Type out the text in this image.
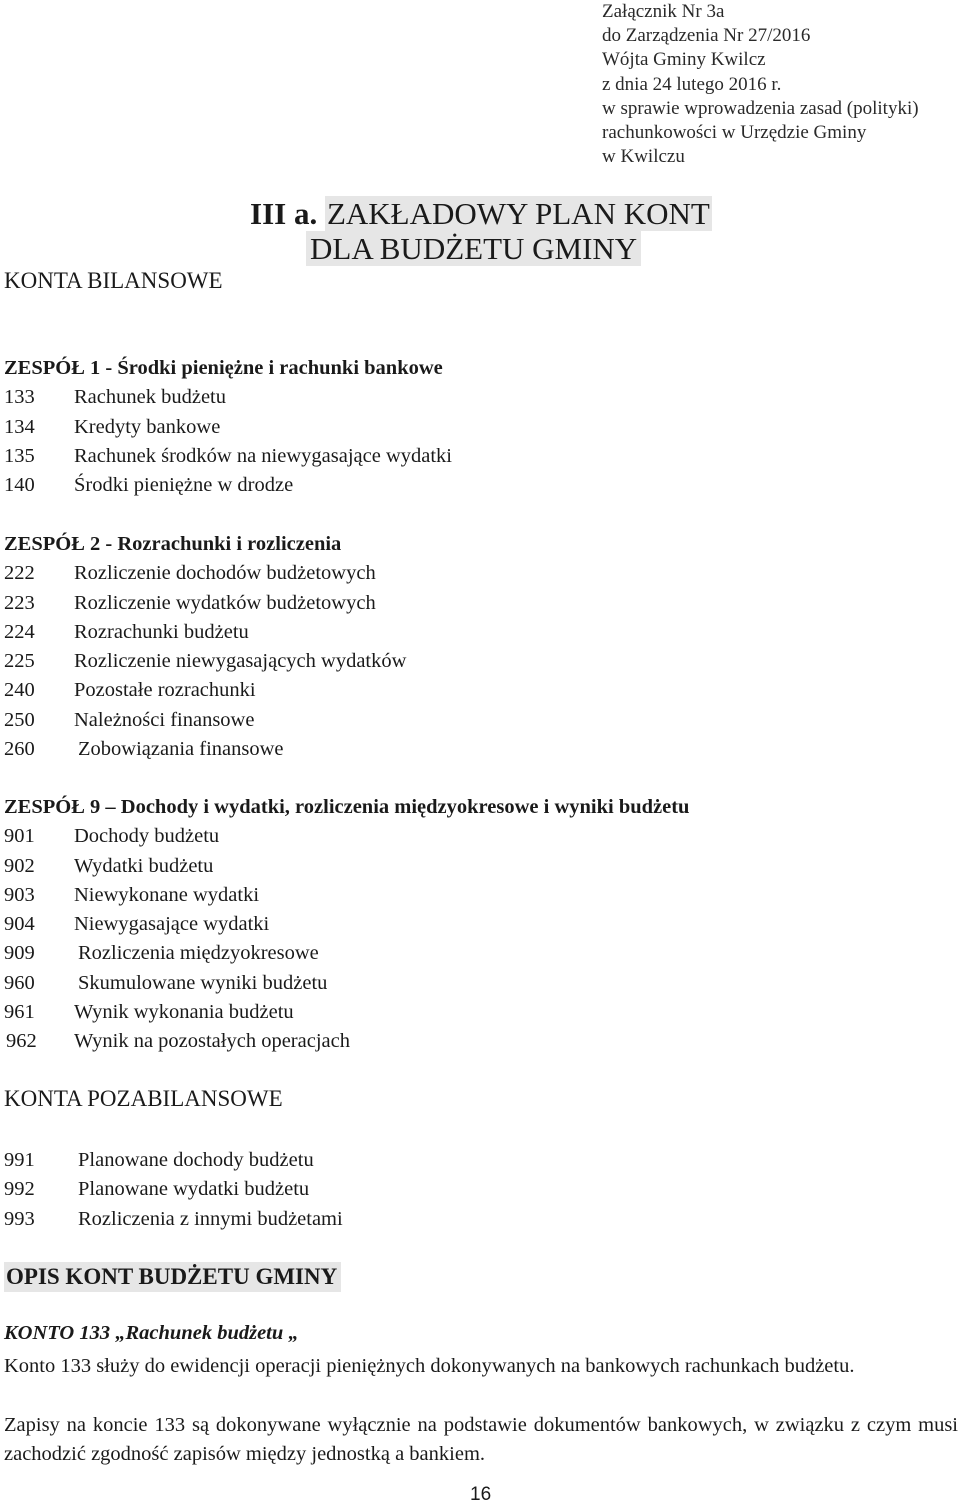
Załącznik Nr 3a
do Zarządzenia Nr 27/2016
Wójta Gminy Kwilcz
z dnia 24 lutego 2016 r.
w sprawie wprowadzenia zasad (polityki)
rachunkowości w Urzędzie Gminy
w Kwilczu
III a. ZAKŁADOWY PLAN KONT
DLA BUDŻETU GMINY
KONTA BILANSOWE
ZESPÓŁ 1 - Środki pieniężne i rachunki bankowe
133	Rachunek budżetu
134	Kredyty bankowe
135	Rachunek środków na niewygasające wydatki
140	Środki pieniężne w drodze
ZESPÓŁ 2 - Rozrachunki i rozliczenia
222	Rozliczenie dochodów budżetowych
223	Rozliczenie wydatków budżetowych
224	Rozrachunki budżetu
225	Rozliczenie niewygasających wydatków
240	Pozostałe rozrachunki
250	Należności finansowe
260	Zobowiązania finansowe
ZESPÓŁ 9 – Dochody i wydatki, rozliczenia międzyokresowe i wyniki budżetu
901	Dochody budżetu
902	Wydatki budżetu
903	Niewykonane wydatki
904	Niewygasające wydatki
909	Rozliczenia międzyokresowe
960	Skumulowane wyniki budżetu
961	Wynik wykonania budżetu
962	Wynik na pozostałych operacjach
KONTA POZABILANSOWE
991	Planowane dochody budżetu
992	Planowane wydatki budżetu
993	Rozliczenia z innymi budżetami
OPIS KONT BUDŻETU GMINY
KONTO 133 „Rachunek budżetu „
Konto 133 służy do ewidencji operacji pieniężnych dokonywanych na bankowych rachunkach budżetu.
Zapisy na koncie 133 są dokonywane wyłącznie na podstawie dokumentów bankowych, w związku z czym musi zachodzić zgodność zapisów między jednostką a bankiem.
16
